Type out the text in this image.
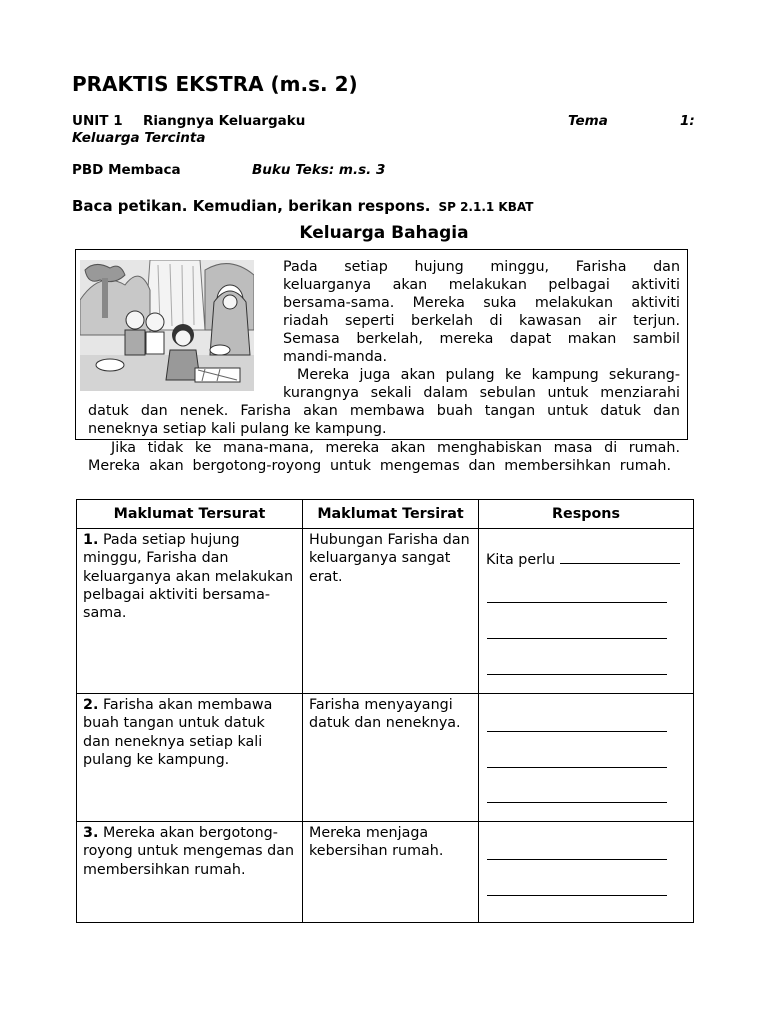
PRAKTIS EKSTRA (m.s. 2)
UNIT 1 Riangnya Keluargaku	Tema	1:
Keluarga Tercinta
PBD Membaca	Buku Teks: m.s. 3
Baca petikan. Kemudian, berikan respons. SP 2.1.1 KBAT
Keluarga Bahagia
Pada setiap hujung minggu, Farisha dan
keluarganya akan melakukan pelbagai aktiviti
bersama-sama. Mereka suka melakukan aktiviti
riadah seperti berkelah di kawasan air terjun.
Semasa berkelah, mereka dapat makan sambil
mandi-manda.
Mereka juga akan pulang ke kampung sekurang-
kurangnya sekali dalam sebulan untuk menziarahi
datuk dan nenek. Farisha akan membawa buah tangan untuk datuk dan
neneknya setiap kali pulang ke kampung.
Jika tidak ke mana-mana, mereka akan menghabiskan masa di rumah.
Mereka akan bergotong-royong untuk mengemas dan membersihkan rumah.
Maklumat Tersurat	Maklumat Tersirat	Respons
1. Pada setiap hujung minggu, Farisha dan keluarganya akan melakukan pelbagai aktiviti bersama-sama.	Hubungan Farisha dan keluarganya sangat erat.	Kita perlu

2. Farisha akan membawa buah tangan untuk datuk dan neneknya setiap kali pulang ke kampung.	Farisha menyayangi datuk dan neneknya.	

3. Mereka akan bergotong-royong untuk mengemas dan membersihkan rumah.	Mereka menjaga kebersihan rumah.	
